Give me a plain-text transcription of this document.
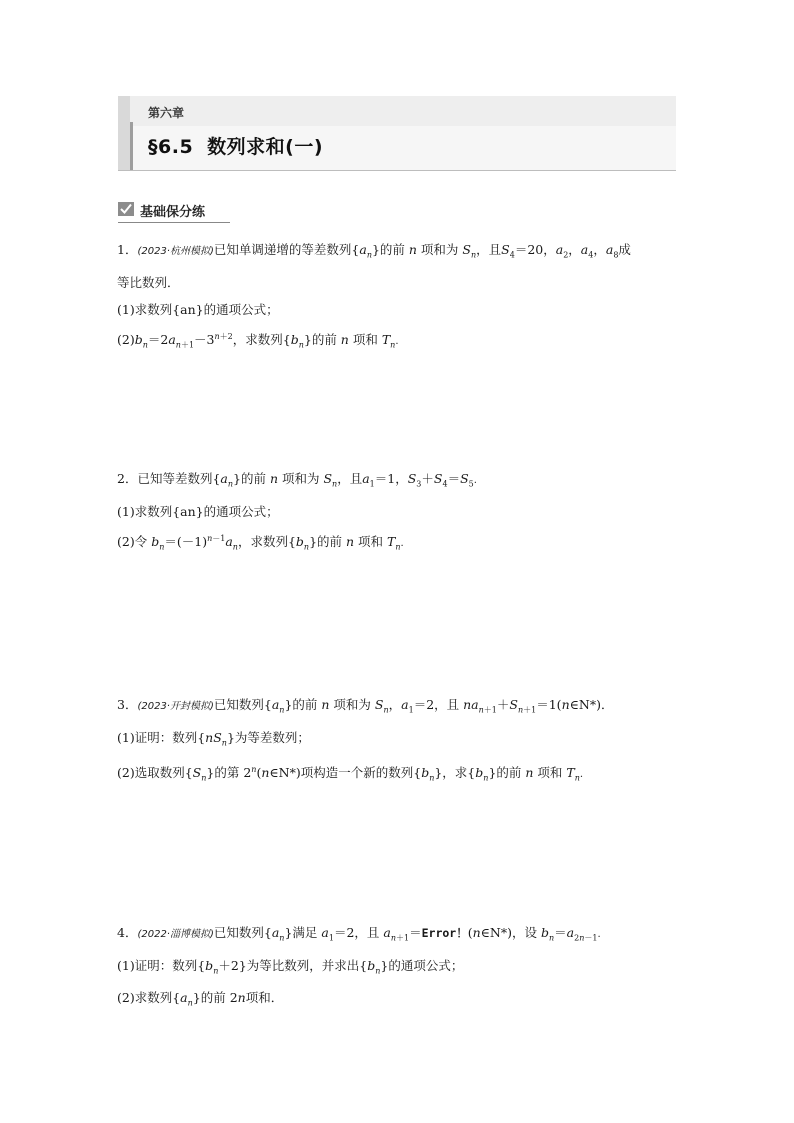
第六章
§6.5 数列求和(一)
基础保分练
1．(2023·杭州模拟)已知单调递增的等差数列$\{a_n\}$的前 n 项和为 $S_n$，且$S_4=20$，$a_2$，$a_4$，$a_8$成
等比数列．
(1)求数列{an}的通项公式；
$(2)b_n=2a_{n+1}-3^{n+2}$，求数列$\{b_n\}$的前 n 项和 $T_n$.
2．已知等差数列$\{a_n\}$的前 n 项和为 $S_n$，且$a_1=1$，$S_3+S_4=S_5$.
(1)求数列{an}的通项公式；
(2)令 $b_n=(-1)^{n-1}a_n$，求数列$\{b_n\}$的前 n 项和 $T_n$.
3．(2023·开封模拟)已知数列$\{a_n\}$的前 n 项和为 $S_n$，$a_1=2$，且 $na_{n+1}+S_{n+1}=1(n\in N*)$．
(1)证明：数列$\{nS_n\}$为等差数列；
(2)选取数列$\{S_n\}$的第 2$^n$(n∈N*)项构造一个新的数列$\{b_n\}$，求$\{b_n\}$的前 n 项和 $T_n$.
4．(2022·淄博模拟)已知数列$\{a_n\}$满足 $a_1=2$，且 $a_{n+1}=Error$！(n∈N*)，设 $b_n=a_{2n-1}$.
(1)证明：数列$\{b_n+2\}$为等比数列，并求出$\{b_n\}$的通项公式；
(2)求数列$\{a_n\}$的前 2n项和．
